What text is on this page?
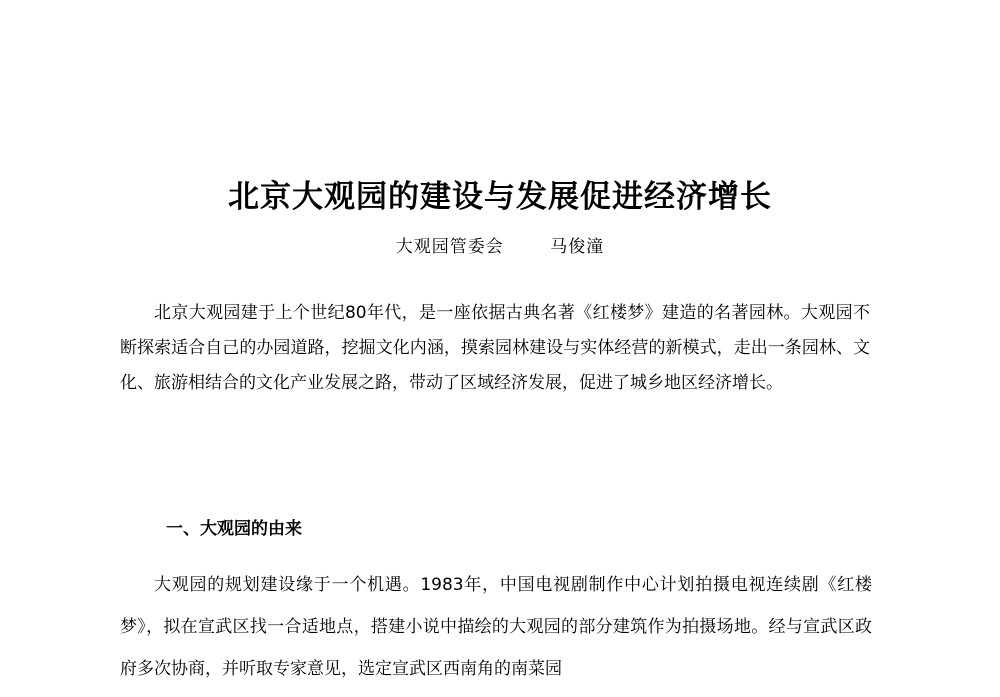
北京大观园的建设与发展促进经济增长
大观园管委会	马俊潼

北京大观园建于上个世纪80年代，是一座依据古典名著《红楼梦》建造的名著园林。大观园不断探索适合自己的办园道路，挖掘文化内涵，摸索园林建设与实体经营的新模式，走出一条园林、文化、旅游相结合的文化产业发展之路，带动了区域经济发展，促进了城乡地区经济增长。

一、大观园的由来

大观园的规划建设缘于一个机遇。1983年，中国电视剧制作中心计划拍摄电视连续剧《红楼梦》，拟在宣武区找一合适地点，搭建小说中描绘的大观园的部分建筑作为拍摄场地。经与宣武区政府多次协商，并听取专家意见，选定宣武区西南角的南菜园
